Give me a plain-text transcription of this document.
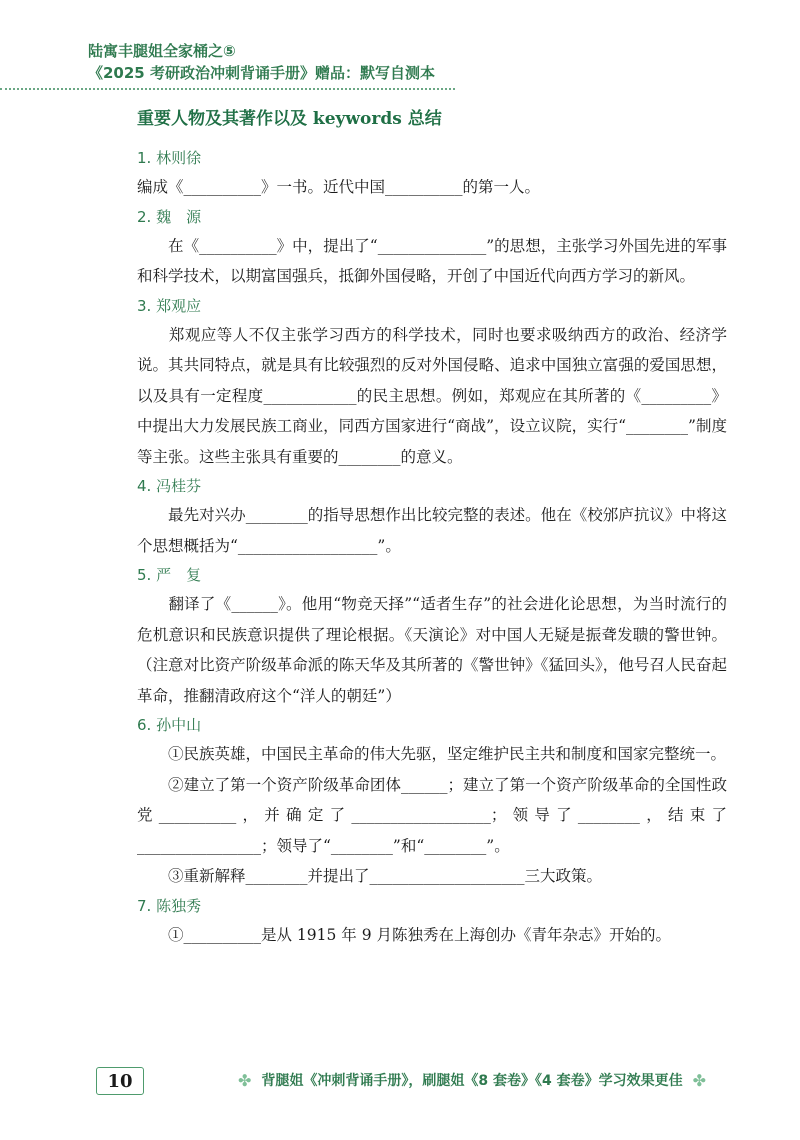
陆寓丰腿姐全家桶之⑤
《2025 考研政治冲刺背诵手册》赠品：默写自测本
重要人物及其著作以及 keywords 总结

1. 林则徐

编成《__________》一书。近代中国__________的第一人。

2. 魏　源

　　在《__________》中，提出了“______________”的思想，主张学习外国先进的军事和科学技术，以期富国强兵，抵御外国侵略，开创了中国近代向西方学习的新风。

3. 郑观应

　　郑观应等人不仅主张学习西方的科学技术，同时也要求吸纳西方的政治、经济学说。其共同特点，就是具有比较强烈的反对外国侵略、追求中国独立富强的爱国思想，以及具有一定程度____________的民主思想。例如，郑观应在其所著的《_________》中提出大力发展民族工商业，同西方国家进行“商战”，设立议院，实行“________”制度等主张。这些主张具有重要的________的意义。

4. 冯桂芬

　　最先对兴办________的指导思想作出比较完整的表述。他在《校邠庐抗议》中将这个思想概括为“__________________”。

5. 严　复

　　翻译了《______》。他用“物竞天择”“适者生存”的社会进化论思想，为当时流行的危机意识和民族意识提供了理论根据。《天演论》对中国人无疑是振聋发聩的警世钟。（注意对比资产阶级革命派的陈天华及其所著的《警世钟》《猛回头》，他号召人民奋起革命，推翻清政府这个“洋人的朝廷”）

6. 孙中山

　　①民族英雄，中国民主革命的伟大先驱，坚定维护民主共和制度和国家完整统一。

　　②建立了第一个资产阶级革命团体______；建立了第一个资产阶级革命的全国性政党__________，并确定了__________________；领导了________，结束了________________；领导了“________”和“________”。

　　③重新解释________并提出了____________________三大政策。

7. 陈独秀

　　①__________是从 1915 年 9 月陈独秀在上海创办《青年杂志》开始的。

10	✤ 背腿姐《冲刺背诵手册》，刷腿姐《8 套卷》《4 套卷》学习效果更佳 ✤
